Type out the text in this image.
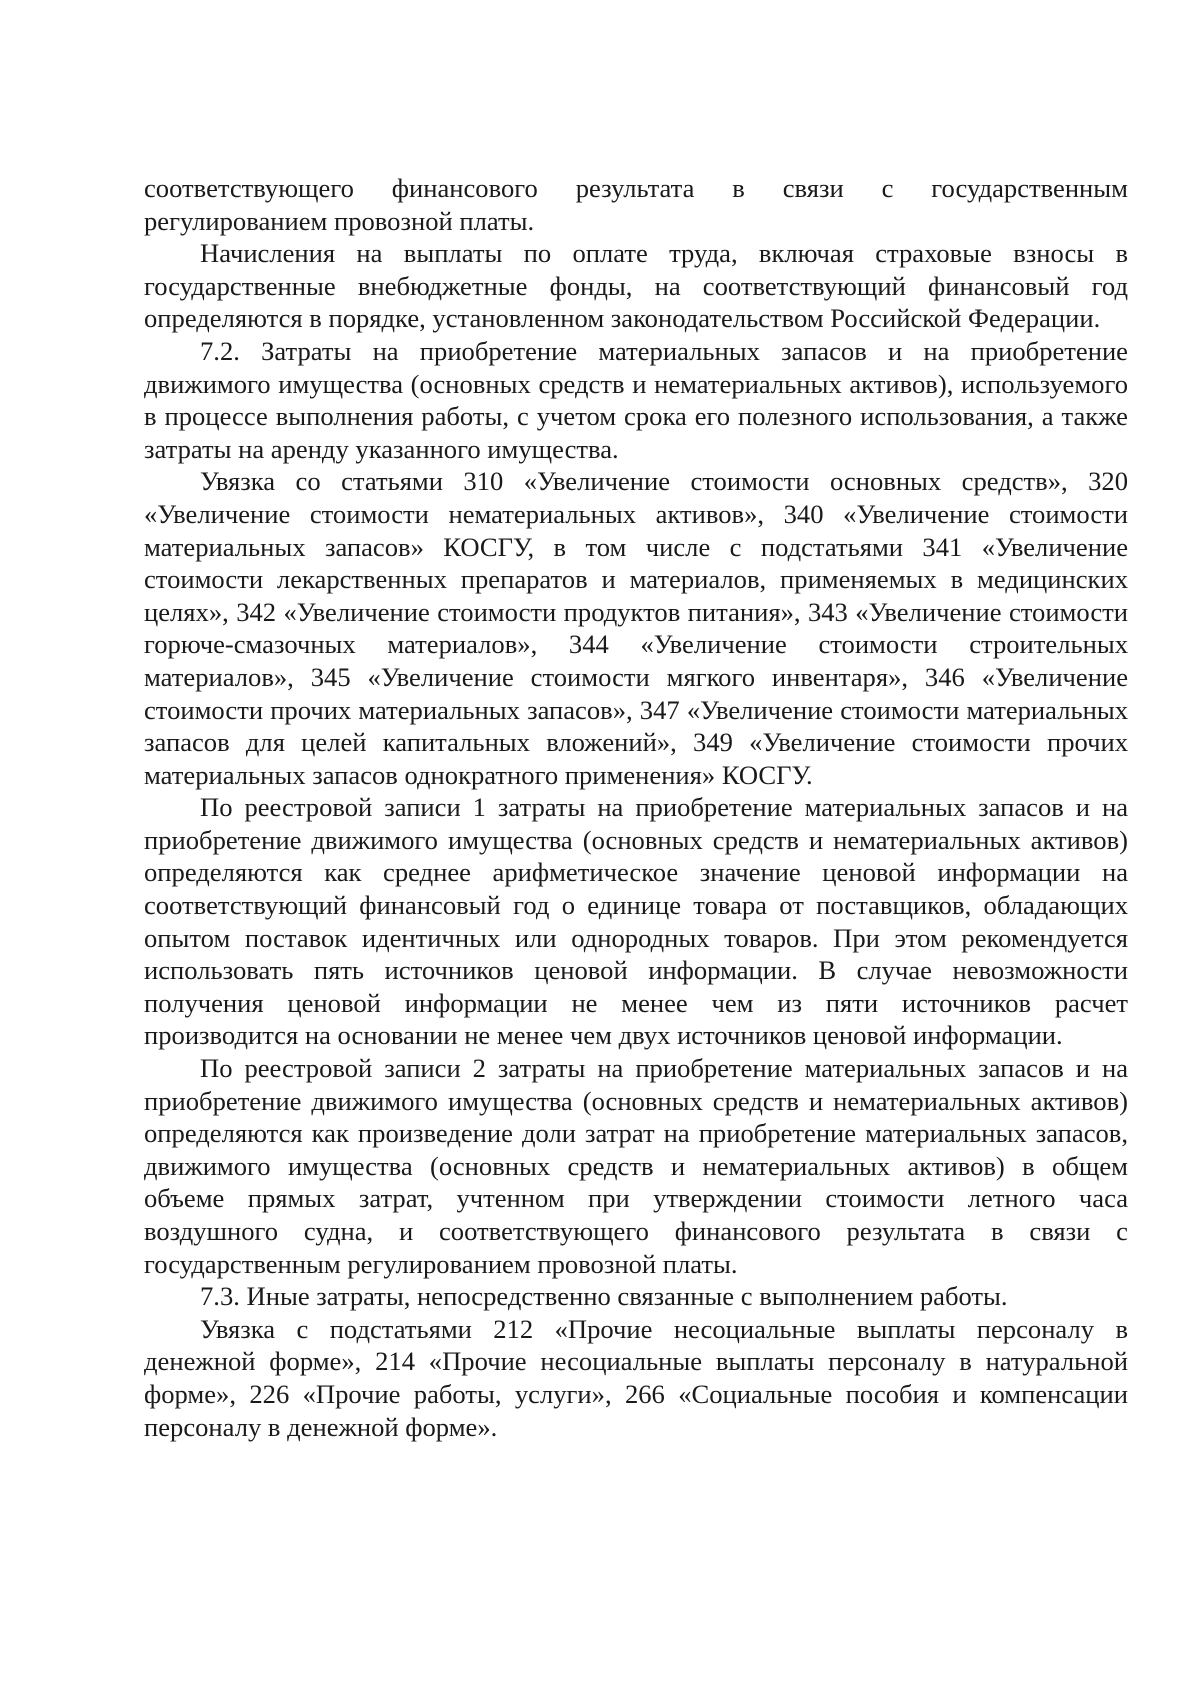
соответствующего финансового результата в связи с государственным регулированием провозной платы.

Начисления на выплаты по оплате труда, включая страховые взносы в государственные внебюджетные фонды, на соответствующий финансовый год определяются в порядке, установленном законодательством Российской Федерации.

7.2. Затраты на приобретение материальных запасов и на приобретение движимого имущества (основных средств и нематериальных активов), используемого в процессе выполнения работы, с учетом срока его полезного использования, а также затраты на аренду указанного имущества.

Увязка со статьями 310 «Увеличение стоимости основных средств», 320 «Увеличение стоимости нематериальных активов», 340 «Увеличение стоимости материальных запасов» КОСГУ, в том числе с подстатьями 341 «Увеличение стоимости лекарственных препаратов и материалов, применяемых в медицинских целях», 342 «Увеличение стоимости продуктов питания», 343 «Увеличение стоимости горюче-смазочных материалов», 344 «Увеличение стоимости строительных материалов», 345 «Увеличение стоимости мягкого инвентаря», 346 «Увеличение стоимости прочих материальных запасов», 347 «Увеличение стоимости материальных запасов для целей капитальных вложений», 349 «Увеличение стоимости прочих материальных запасов однократного применения» КОСГУ.

По реестровой записи 1 затраты на приобретение материальных запасов и на приобретение движимого имущества (основных средств и нематериальных активов) определяются как среднее арифметическое значение ценовой информации на соответствующий финансовый год о единице товара от поставщиков, обладающих опытом поставок идентичных или однородных товаров. При этом рекомендуется использовать пять источников ценовой информации. В случае невозможности получения ценовой информации не менее чем из пяти источников расчет производится на основании не менее чем двух источников ценовой информации.

По реестровой записи 2 затраты на приобретение материальных запасов и на приобретение движимого имущества (основных средств и нематериальных активов) определяются как произведение доли затрат на приобретение материальных запасов, движимого имущества (основных средств и нематериальных активов) в общем объеме прямых затрат, учтенном при утверждении стоимости летного часа воздушного судна, и соответствующего финансового результата в связи с государственным регулированием провозной платы.

7.3. Иные затраты, непосредственно связанные с выполнением работы.

Увязка с подстатьями 212 «Прочие несоциальные выплаты персоналу в денежной форме», 214 «Прочие несоциальные выплаты персоналу в натуральной форме», 226 «Прочие работы, услуги», 266 «Социальные пособия и компенсации персоналу в денежной форме».
